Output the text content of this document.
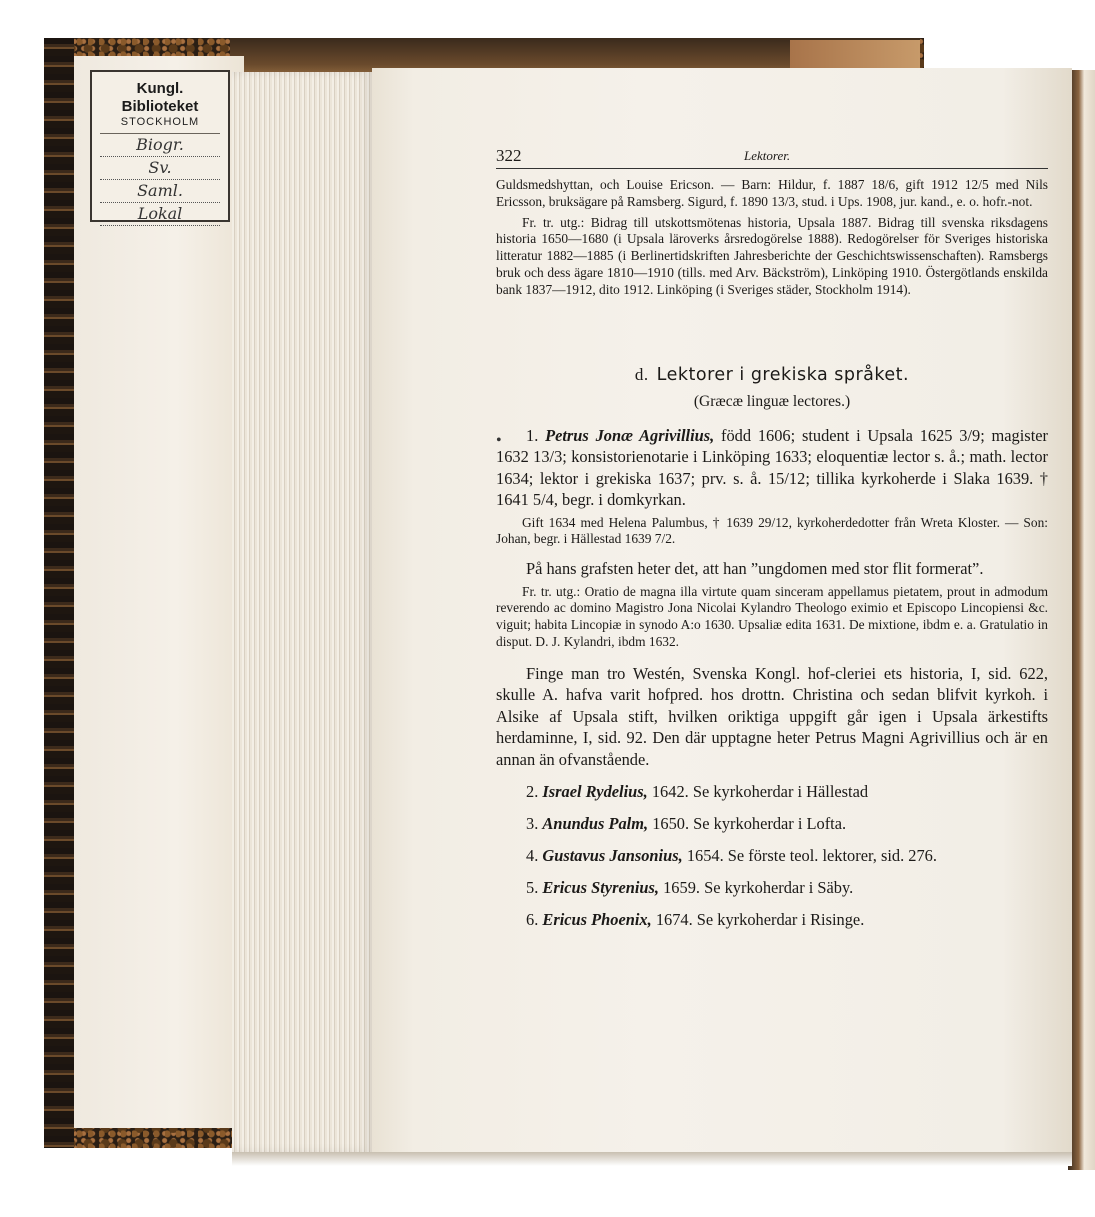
Kungl. Biblioteket

STOCKHOLM

Biogr.
Sv.
Saml.
Lokal
322	Lektorer.

Guldsmedshyttan, och Louise Ericson. — Barn: Hildur, f. 1887 18/6, gift 1912 12/5 med Nils Ericsson, bruksägare på Ramsberg. Sigurd, f. 1890 13/3, stud. i Ups. 1908, jur. kand., e. o. hofr.-not.

Fr. tr. utg.: Bidrag till utskottsmötenas historia, Upsala 1887. Bidrag till svenska riksdagens historia 1650—1680 (i Upsala läroverks årsredogörelse 1888). Redogörelser för Sveriges historiska litteratur 1882—1885 (i Berlinertidskriften Jahresberichte der Geschichtswissenschaften). Ramsbergs bruk och dess ägare 1810—1910 (tills. med Arv. Bäckström), Linköping 1910. Östergötlands enskilda bank 1837—1912, dito 1912. Linköping (i Sveriges städer, Stockholm 1914).

•

d. Lektorer i grekiska språket.

(Græcæ linguæ lectores.)

1. Petrus Jonæ Agrivillius, född 1606; student i Upsala 1625 3/9; magister 1632 13/3; konsistorienotarie i Linköping 1633; eloquentiæ lector s. å.; math. lector 1634; lektor i grekiska 1637; prv. s. å. 15/12; tillika kyrkoherde i Slaka 1639. † 1641 5/4, begr. i domkyrkan.

Gift 1634 med Helena Palumbus, † 1639 29/12, kyrkoherdedotter från Wreta Kloster. — Son: Johan, begr. i Hällestad 1639 7/2.

På hans grafsten heter det, att han ”ungdomen med stor flit formerat”.

Fr. tr. utg.: Oratio de magna illa virtute quam sinceram appellamus pietatem, prout in admodum reverendo ac domino Magistro Jona Nicolai Kylandro Theologo eximio et Episcopo Lincopiensi &c. viguit; habita Lincopiæ in synodo A:o 1630. Upsaliæ edita 1631. De mixtione, ibdm e. a. Gratulatio in disput. D. J. Kylandri, ibdm 1632.

Finge man tro Westén, Svenska Kongl. hof-cleriei ets historia, I, sid. 622, skulle A. hafva varit hofpred. hos drottn. Christina och sedan blifvit kyrkoh. i Alsike af Upsala stift, hvilken oriktiga uppgift går igen i Upsala ärkestifts herdaminne, I, sid. 92. Den där upptagne heter Petrus Magni Agrivillius och är en annan än ofvanstående.

2. Israel Rydelius, 1642. Se kyrkoherdar i Hällestad
3. Anundus Palm, 1650. Se kyrkoherdar i Lofta.
4. Gustavus Jansonius, 1654. Se förste teol. lektorer, sid. 276.
5. Ericus Styrenius, 1659. Se kyrkoherdar i Säby.
6. Ericus Phoenix, 1674. Se kyrkoherdar i Risinge.
